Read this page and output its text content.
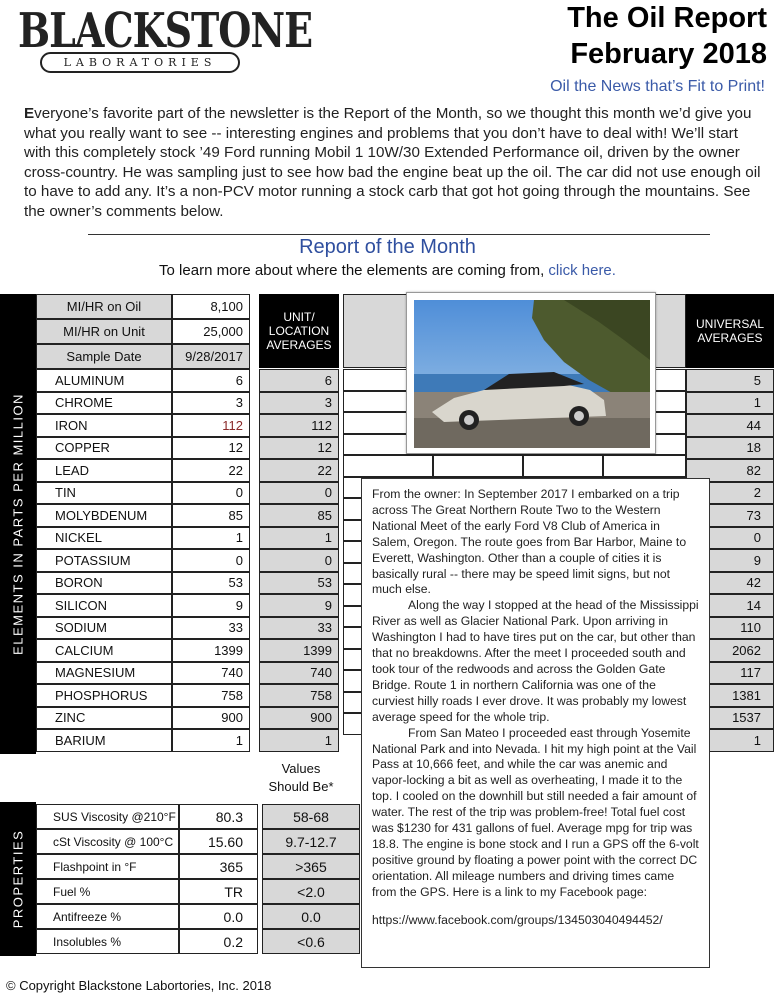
BLACKSTONE
LABORATORIES
The Oil Report
February 2018
Oil the News that’s Fit to Print!
Everyone’s favorite part of the newsletter is the Report of the Month, so we thought this month we’d give you what you really want to see -- interesting engines and problems that you don’t have to deal with! We’ll start with this completely stock ’49 Ford running Mobil 1 10W/30 Extended Performance oil, driven by the owner cross-country. He was sampling just to see how bad the engine beat up the oil. The car did not use enough oil to have to add any. It’s a non-PCV motor running a stock carb that got hot going through the mountains. See the owner’s comments below.
Report of the Month
To learn more about where the elements are coming from, click here.
ELEMENTS IN PARTS PER MILLION
PROPERTIES
MI/HR on Oil	8,100
MI/HR on Unit	25,000
Sample Date	9/28/2017
UNIT/ LOCATION AVERAGES
UNIVERSAL AVERAGES
ALUMINUM	6	6	5
CHROME	3	3	1
IRON	112	112	44
COPPER	12	12	18
LEAD	22	22	82
TIN	0	0	2
MOLYBDENUM	85	85	73
NICKEL	1	1	0
POTASSIUM	0	0	9
BORON	53	53	42
SILICON	9	9	14
SODIUM	33	33	110
CALCIUM	1399	1399	2062
MAGNESIUM	740	740	117
PHOSPHORUS	758	758	1381
ZINC	900	900	1537
BARIUM	1	1	1
Values Should Be*
SUS Viscosity @210°F	80.3	58-68
cSt Viscosity @ 100°C	15.60	9.7-12.7
Flashpoint in °F	365	>365
Fuel %	TR	<2.0
Antifreeze %	0.0	0.0
Insolubles %	0.2	<0.6

From the owner: In September 2017 I embarked on a trip across The Great Northern Route Two to the Western National Meet of the early Ford V8 Club of America in Salem, Oregon. The route goes from Bar Harbor, Maine to Everett, Washington. Other than a couple of cities it is basically rural -- there may be speed limit signs, but not much else.

Along the way I stopped at the head of the Mississippi River as well as Glacier National Park. Upon arriving in Washington I had to have tires put on the car, but other than that no breakdowns. After the meet I proceeded south and took tour of the redwoods and across the Golden Gate Bridge. Route 1 in northern California was one of the curviest hilly roads I ever drove. It was probably my lowest average speed for the whole trip.

From San Mateo I proceeded east through Yosemite National Park and into Nevada. I hit my high point at the Vail Pass at 10,666 feet, and while the car was anemic and vapor-locking a bit as well as overheating, I made it to the top. I cooled on the downhill but still needed a fair amount of water. The rest of the trip was problem-free! Total fuel cost was $1230 for 431 gallons of fuel. Average mpg for trip was 18.8. The engine is bone stock and I run a GPS off the 6-volt positive ground by floating a power point with the correct DC orientation. All mileage numbers and driving times came from the GPS. Here is a link to my Facebook page:

https://www.facebook.com/groups/134503040494452/

© Copyright Blackstone Labortories, Inc. 2018
